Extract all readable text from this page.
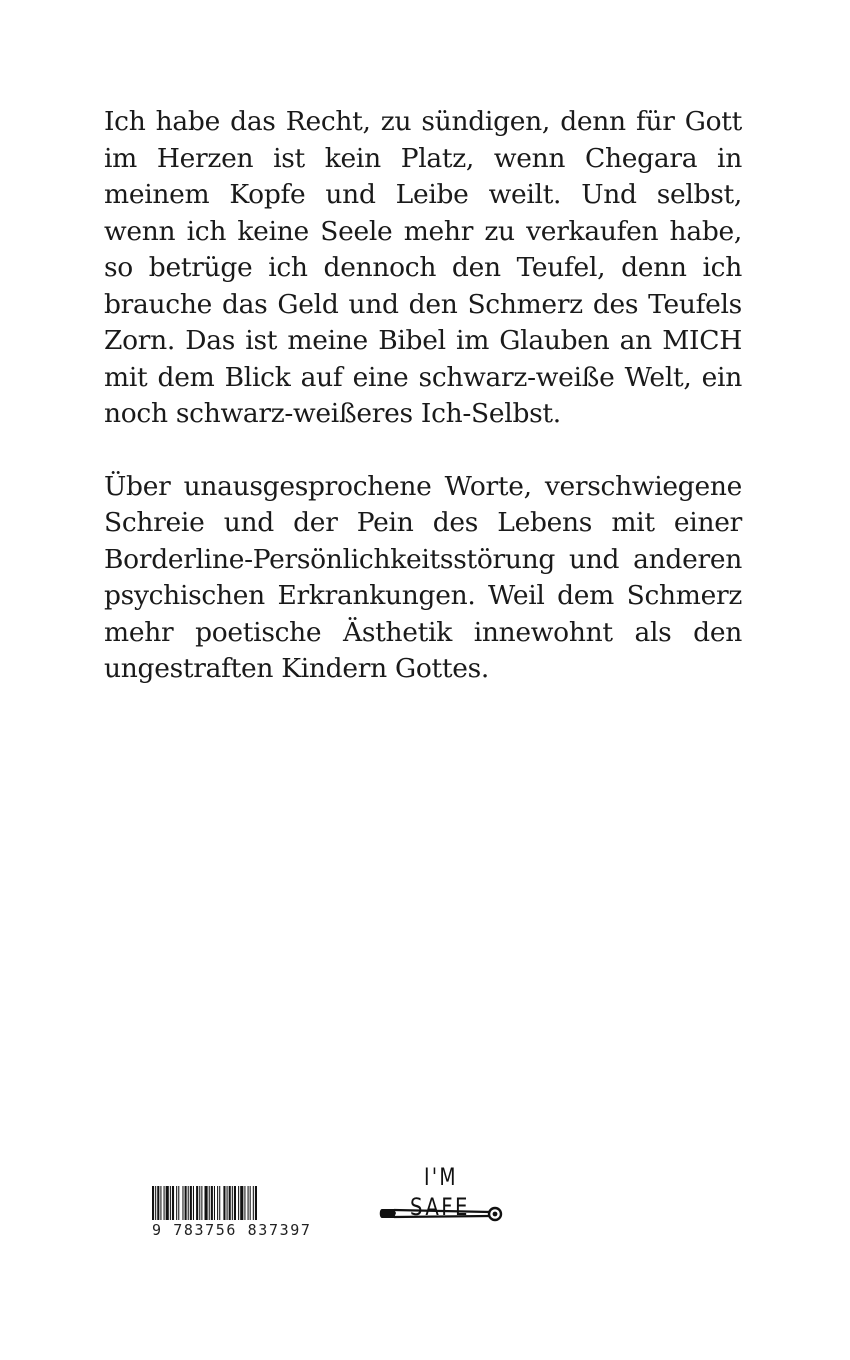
Ich habe das Recht, zu sündigen, denn für Gott im Herzen ist kein Platz, wenn Chegara in meinem Kopfe und Leibe weilt. Und selbst, wenn ich keine Seele mehr zu verkaufen habe, so betrüge ich dennoch den Teufel, denn ich brauche das Geld und den Schmerz des Teufels Zorn. Das ist meine Bibel im Glauben an MICH mit dem Blick auf eine schwarz-weiße Welt, ein noch schwarz-weißeres Ich-Selbst.

Über unausgesprochene Worte, verschwiegene Schreie und der Pein des Lebens mit einer Borderline-Persönlichkeitsstörung und anderen psychischen Erkrankungen. Weil dem Schmerz mehr poetische Ästhetik innewohnt als den ungestraften Kindern Gottes.

9 783756 837397
I'M
SAFE
